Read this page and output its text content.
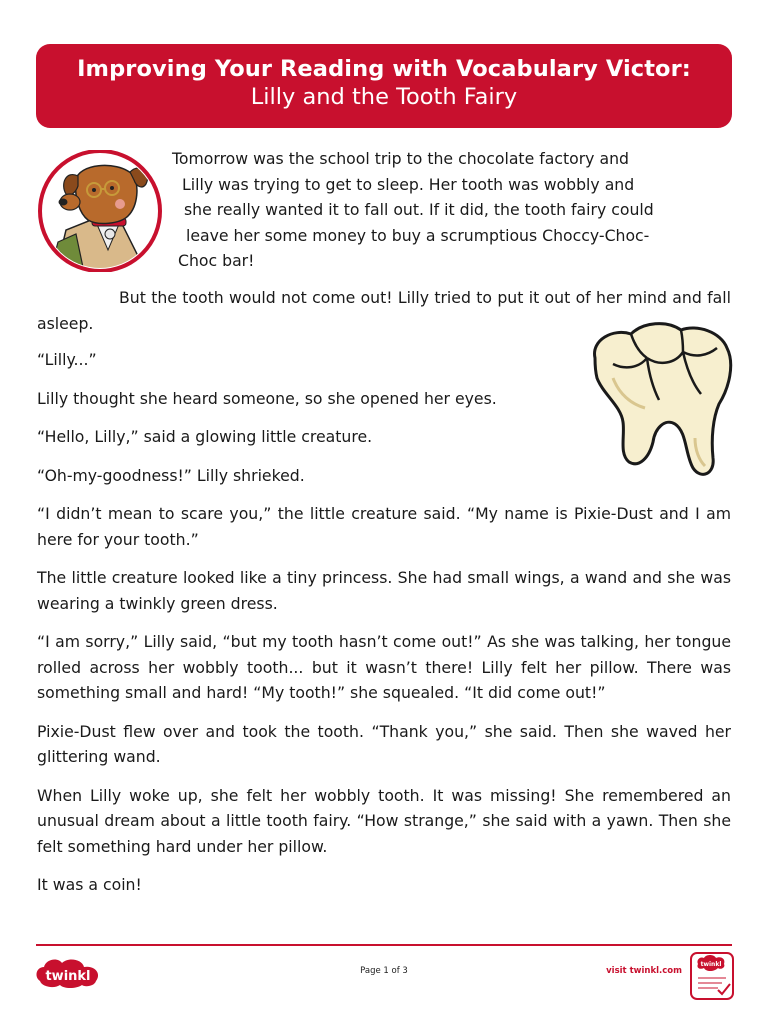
Improving Your Reading with Vocabulary Victor:
Lilly and the Tooth Fairy
Tomorrow was the school trip to the chocolate factory and
Lilly was trying to get to sleep. Her tooth was wobbly and
she really wanted it to fall out. If it did, the tooth fairy could
leave her some money to buy a scrumptious Choccy-Choc-
Choc bar!

But the tooth would not come out! Lilly tried to put it out of her mind and fall asleep.

“Lilly...”

Lilly thought she heard someone, so she opened her eyes.

“Hello, Lilly,” said a glowing little creature.

“Oh-my-goodness!” Lilly shrieked.

“I didn’t mean to scare you,” the little creature said. “My name is Pixie-Dust and I am here for your tooth.”

The little creature looked like a tiny princess. She had small wings, a wand and she was wearing a twinkly green dress.

“I am sorry,” Lilly said, “but my tooth hasn’t come out!” As she was talking, her tongue rolled across her wobbly tooth... but it wasn’t there! Lilly felt her pillow. There was something small and hard! “My tooth!” she squealed. “It did come out!”

Pixie-Dust flew over and took the tooth. “Thank you,” she said. Then she waved her glittering wand.

When Lilly woke up, she felt her wobbly tooth. It was missing! She remembered an unusual dream about a little tooth fairy. “How strange,” she said with a yawn. Then she felt something hard under her pillow.

It was a coin!

twinkl	Page 1 of 3	visit twinkl.com
twinkl
